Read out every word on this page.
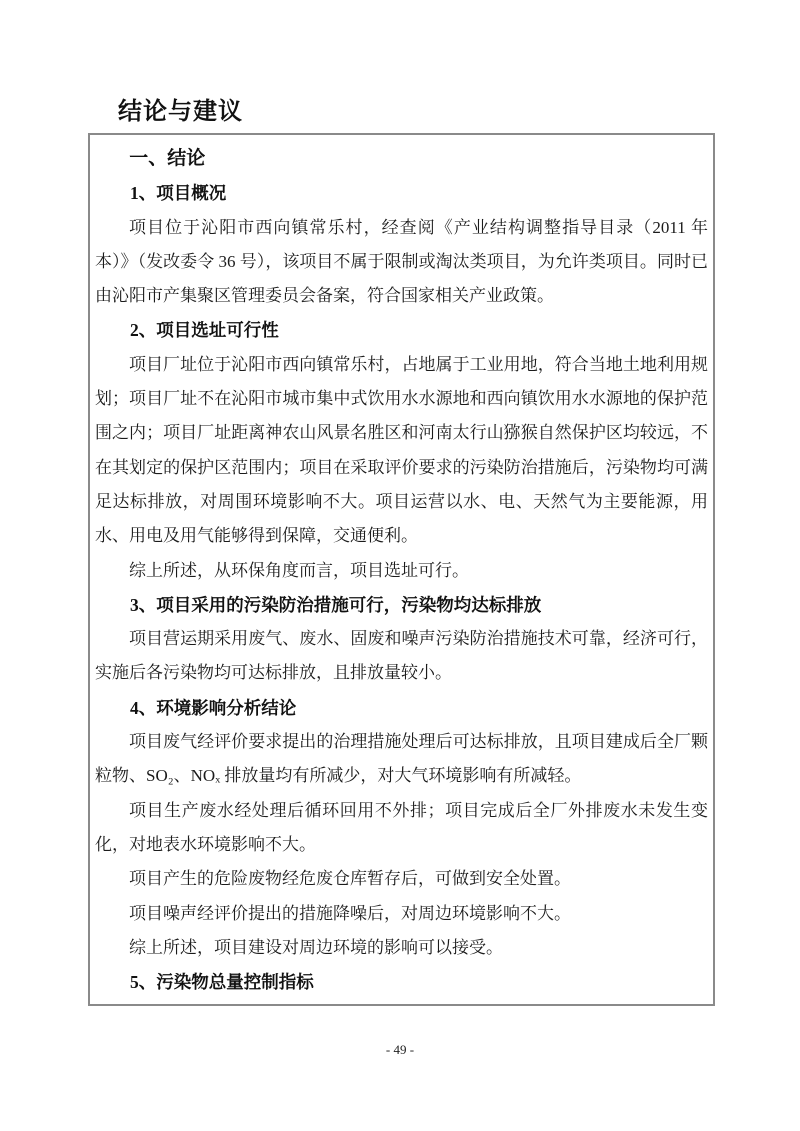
结论与建议
一、结论
1、项目概况
项目位于沁阳市西向镇常乐村，经查阅《产业结构调整指导目录（2011 年本）》（发改委令 36 号），该项目不属于限制或淘汰类项目，为允许类项目。同时已由沁阳市产集聚区管理委员会备案，符合国家相关产业政策。
2、项目选址可行性
项目厂址位于沁阳市西向镇常乐村，占地属于工业用地，符合当地土地利用规划；项目厂址不在沁阳市城市集中式饮用水水源地和西向镇饮用水水源地的保护范围之内；项目厂址距离神农山风景名胜区和河南太行山猕猴自然保护区均较远，不在其划定的保护区范围内；项目在采取评价要求的污染防治措施后，污染物均可满足达标排放，对周围环境影响不大。项目运营以水、电、天然气为主要能源，用水、用电及用气能够得到保障，交通便利。
综上所述，从环保角度而言，项目选址可行。
3、项目采用的污染防治措施可行，污染物均达标排放
项目营运期采用废气、废水、固废和噪声污染防治措施技术可靠，经济可行，实施后各污染物均可达标排放，且排放量较小。
4、环境影响分析结论
项目废气经评价要求提出的治理措施处理后可达标排放，且项目建成后全厂颗粒物、SO₂、NOₓ 排放量均有所减少，对大气环境影响有所减轻。
项目生产废水经处理后循环回用不外排；项目完成后全厂外排废水未发生变化，对地表水环境影响不大。
项目产生的危险废物经危废仓库暂存后，可做到安全处置。
项目噪声经评价提出的措施降噪后，对周边环境影响不大。
综上所述，项目建设对周边环境的影响可以接受。
5、污染物总量控制指标
- 49 -
